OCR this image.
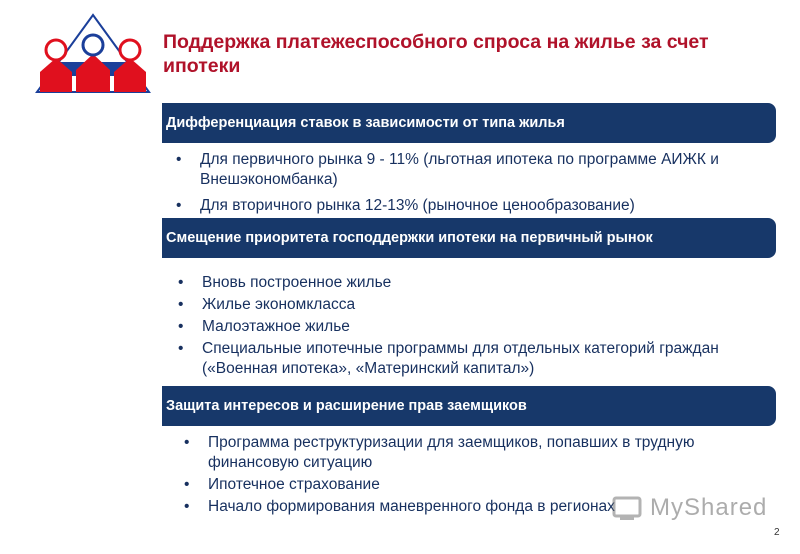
Поддержка платежеспособного спроса на жилье за счет ипотеки
Дифференциация ставок в зависимости от типа жилья
• Для первичного рынка 9 - 11% (льготная ипотека по программе АИЖК и Внешэкономбанка)
• Для вторичного рынка 12-13% (рыночное ценообразование)
Смещение приоритета господдержки ипотеки на первичный рынок
• Вновь построенное жилье
• Жилье экономкласса
• Малоэтажное жилье
• Специальные ипотечные программы для отдельных категорий граждан («Военная ипотека», «Материнский капитал»)
Защита интересов и расширение прав заемщиков
• Программа реструктуризации для заемщиков, попавших в трудную финансовую ситуацию
• Ипотечное страхование
• Начало формирования маневренного фонда в регионах	MyShared
2
